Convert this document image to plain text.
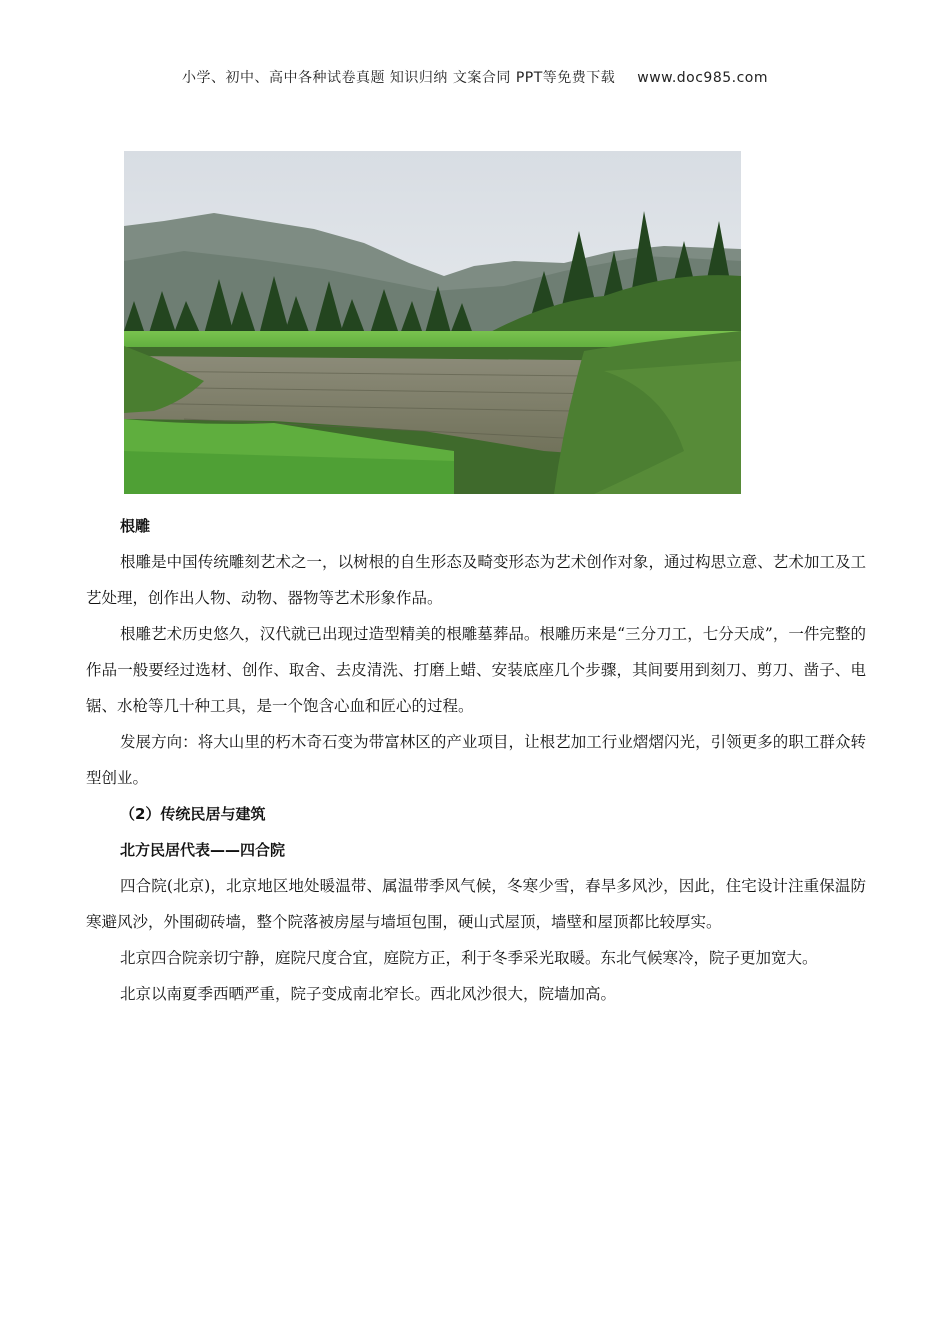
小学、初中、高中各种试卷真题 知识归纳 文案合同 PPT等免费下载 www.doc985.com
根雕

根雕是中国传统雕刻艺术之一，以树根的自生形态及畸变形态为艺术创作对象，通过构思立意、艺术加工及工艺处理，创作出人物、动物、器物等艺术形象作品。

根雕艺术历史悠久，汉代就已出现过造型精美的根雕墓葬品。根雕历来是“三分刀工，七分天成”，一件完整的作品一般要经过选材、创作、取舍、去皮清洗、打磨上蜡、安装底座几个步骤，其间要用到刻刀、剪刀、凿子、电锯、水枪等几十种工具，是一个饱含心血和匠心的过程。

发展方向：将大山里的朽木奇石变为带富林区的产业项目，让根艺加工行业熠熠闪光，引领更多的职工群众转型创业。

（2）传统民居与建筑
北方民居代表——四合院

四合院(北京)，北京地区地处暖温带、属温带季风气候，冬寒少雪，春旱多风沙，因此，住宅设计注重保温防寒避风沙，外围砌砖墙，整个院落被房屋与墙垣包围，硬山式屋顶，墙壁和屋顶都比较厚实。

北京四合院亲切宁静，庭院尺度合宜，庭院方正，利于冬季采光取暖。东北气候寒冷，院子更加宽大。

北京以南夏季西晒严重，院子变成南北窄长。西北风沙很大，院墙加高。
